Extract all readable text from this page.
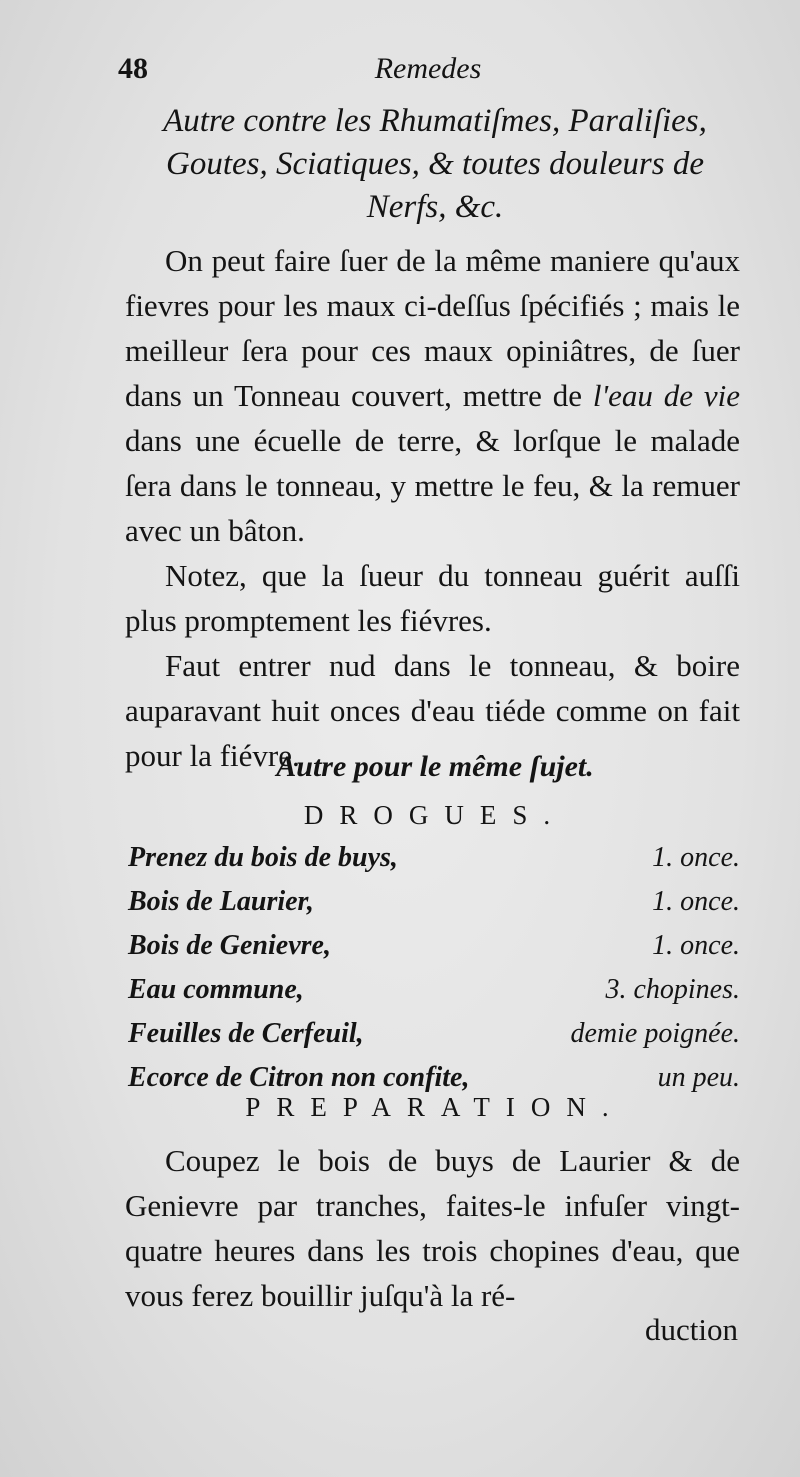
48	Remedes
Autre contre les Rhumatiſmes, Paraliſies, Goutes, Sciatiques, & toutes douleurs de Nerfs, &c.

On peut faire ſuer de la même maniere qu'aux fievres pour les maux ci-deſſus ſpécifiés ; mais le meilleur ſera pour ces maux opiniâtres, de ſuer dans un Tonneau couvert, mettre de l'eau de vie dans une écuelle de terre, & lorſque le malade ſera dans le tonneau, y mettre le feu, & la remuer avec un bâton.

Notez, que la ſueur du tonneau guérit auſſi plus promptement les fiévres.

Faut entrer nud dans le tonneau, & boire auparavant huit onces d'eau tiéde comme on fait pour la fiévre.

Autre pour le même ſujet.
DROGUES.
Prenez du bois de buys,	1. once.
Bois de Laurier,	1. once.
Bois de Genievre,	1. once.
Eau commune,	3. chopines.
Feuilles de Cerfeuil,	demie poignée.
Ecorce de Citron non confite,	un peu.
PREPARATION.

Coupez le bois de buys de Laurier & de Genievre par tranches, faites-le infuſer vingt-quatre heures dans les trois chopines d'eau, que vous ferez bouillir juſqu'à la ré-

duction
